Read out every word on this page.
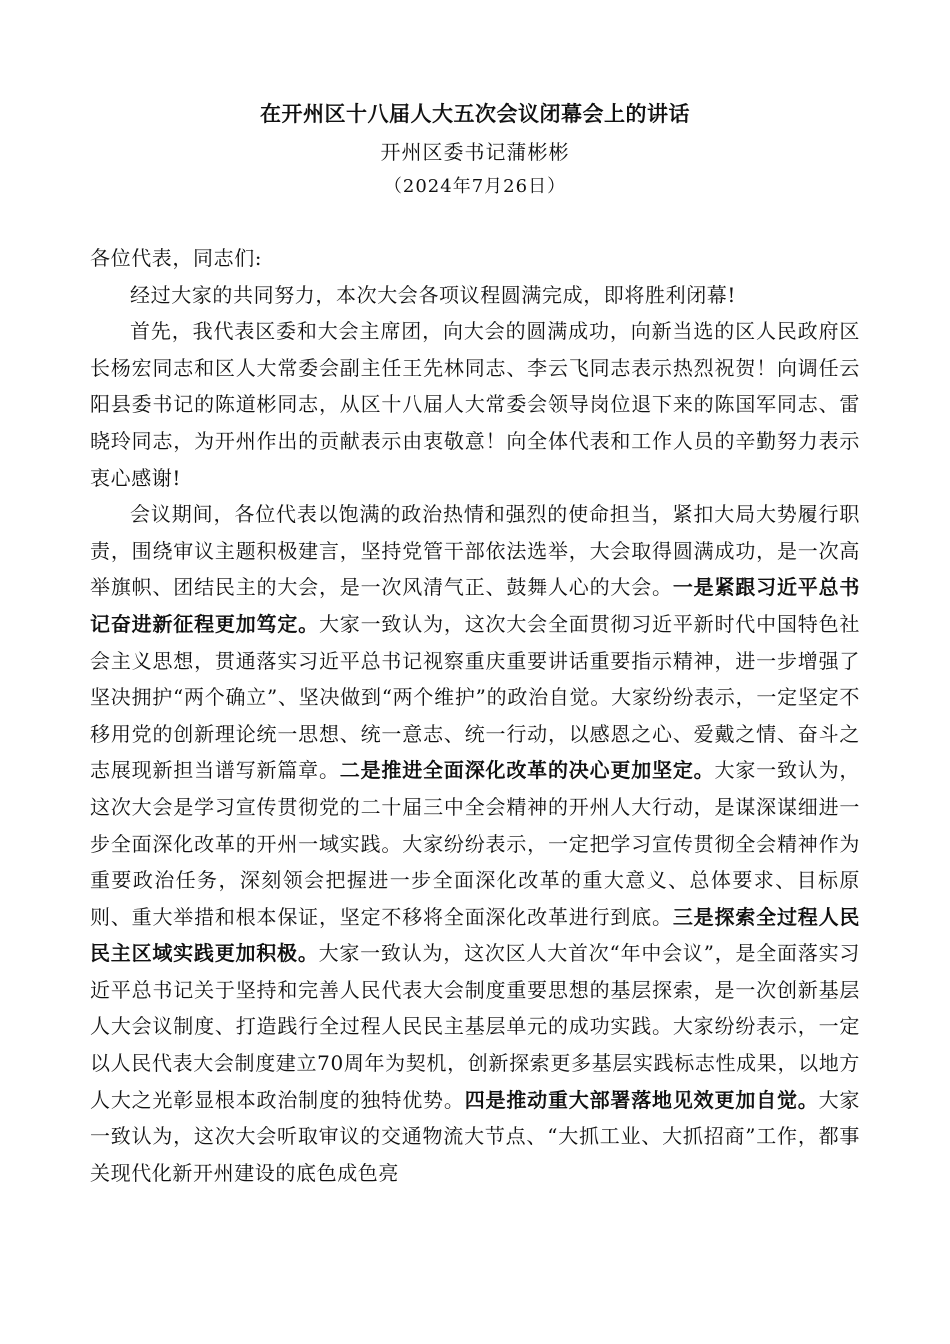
在开州区十八届人大五次会议闭幕会上的讲话
开州区委书记蒲彬彬
（2024年7月26日）

各位代表，同志们:

经过大家的共同努力，本次大会各项议程圆满完成，即将胜利闭幕!

首先，我代表区委和大会主席团，向大会的圆满成功，向新当选的区人民政府区长杨宏同志和区人大常委会副主任王先林同志、李云飞同志表示热烈祝贺！向调任云阳县委书记的陈道彬同志，从区十八届人大常委会领导岗位退下来的陈国军同志、雷晓玲同志，为开州作出的贡献表示由衷敬意！向全体代表和工作人员的辛勤努力表示衷心感谢!

会议期间，各位代表以饱满的政治热情和强烈的使命担当，紧扣大局大势履行职责，围绕审议主题积极建言，坚持党管干部依法选举，大会取得圆满成功，是一次高举旗帜、团结民主的大会，是一次风清气正、鼓舞人心的大会。一是紧跟习近平总书记奋进新征程更加笃定。大家一致认为，这次大会全面贯彻习近平新时代中国特色社会主义思想，贯通落实习近平总书记视察重庆重要讲话重要指示精神，进一步增强了坚决拥护“两个确立”、坚决做到“两个维护”的政治自觉。大家纷纷表示，一定坚定不移用党的创新理论统一思想、统一意志、统一行动，以感恩之心、爱戴之情、奋斗之志展现新担当谱写新篇章。二是推进全面深化改革的决心更加坚定。大家一致认为，这次大会是学习宣传贯彻党的二十届三中全会精神的开州人大行动，是谋深谋细进一步全面深化改革的开州一域实践。大家纷纷表示，一定把学习宣传贯彻全会精神作为重要政治任务，深刻领会把握进一步全面深化改革的重大意义、总体要求、目标原则、重大举措和根本保证，坚定不移将全面深化改革进行到底。三是探索全过程人民民主区域实践更加积极。大家一致认为，这次区人大首次“年中会议”，是全面落实习近平总书记关于坚持和完善人民代表大会制度重要思想的基层探索，是一次创新基层人大会议制度、打造践行全过程人民民主基层单元的成功实践。大家纷纷表示，一定以人民代表大会制度建立70周年为契机，创新探索更多基层实践标志性成果，以地方人大之光彰显根本政治制度的独特优势。四是推动重大部署落地见效更加自觉。大家一致认为，这次大会听取审议的交通物流大节点、“大抓工业、大抓招商”工作，都事关现代化新开州建设的底色成色亮
